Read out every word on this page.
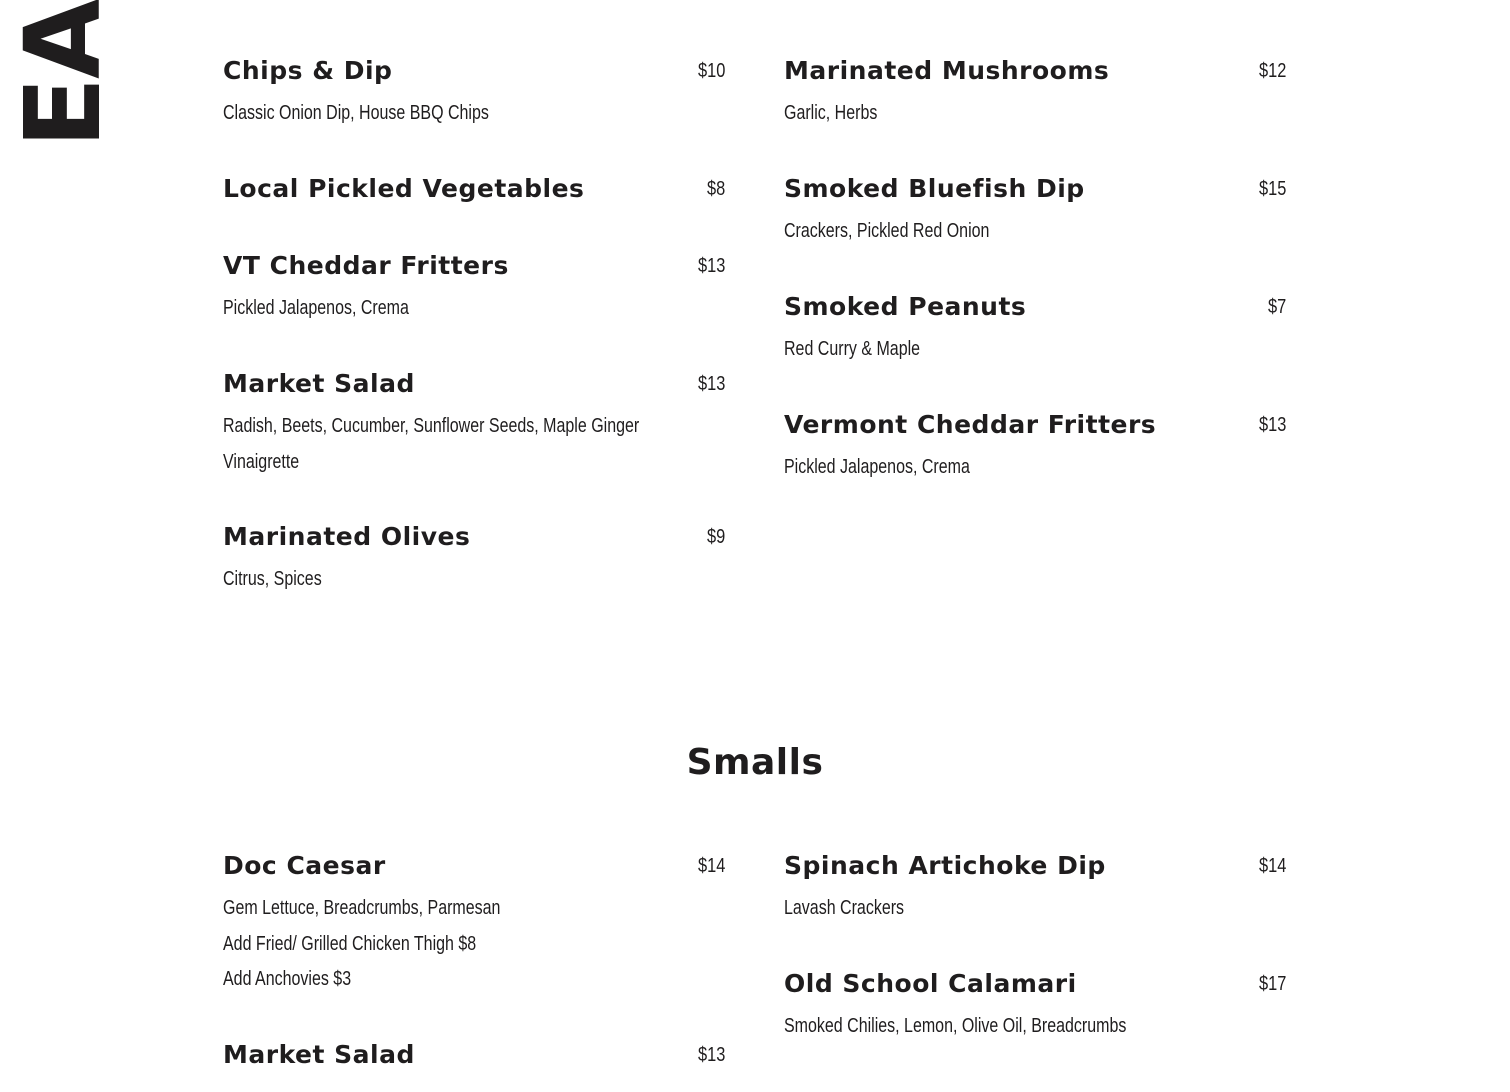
EA	Chips & Dip	$10
Classic Onion Dip, House BBQ Chips
Local Pickled Vegetables	$8
VT Cheddar Fritters	$13
Pickled Jalapenos, Crema
Market Salad	$13
Radish, Beets, Cucumber, Sunflower Seeds, Maple Ginger
Vinaigrette
Marinated Olives	$9
Citrus, Spices
Marinated Mushrooms	$12
Garlic, Herbs
Smoked Bluefish Dip	$15
Crackers, Pickled Red Onion
Smoked Peanuts	$7
Red Curry & Maple
Vermont Cheddar Fritters	$13
Pickled Jalapenos, Crema
Smalls
Doc Caesar	$14
Gem Lettuce, Breadcrumbs, Parmesan
Add Fried/ Grilled Chicken Thigh $8
Add Anchovies $3
Market Salad	$13
Spinach Artichoke Dip	$14
Lavash Crackers
Old School Calamari	$17
Smoked Chilies, Lemon, Olive Oil, Breadcrumbs
